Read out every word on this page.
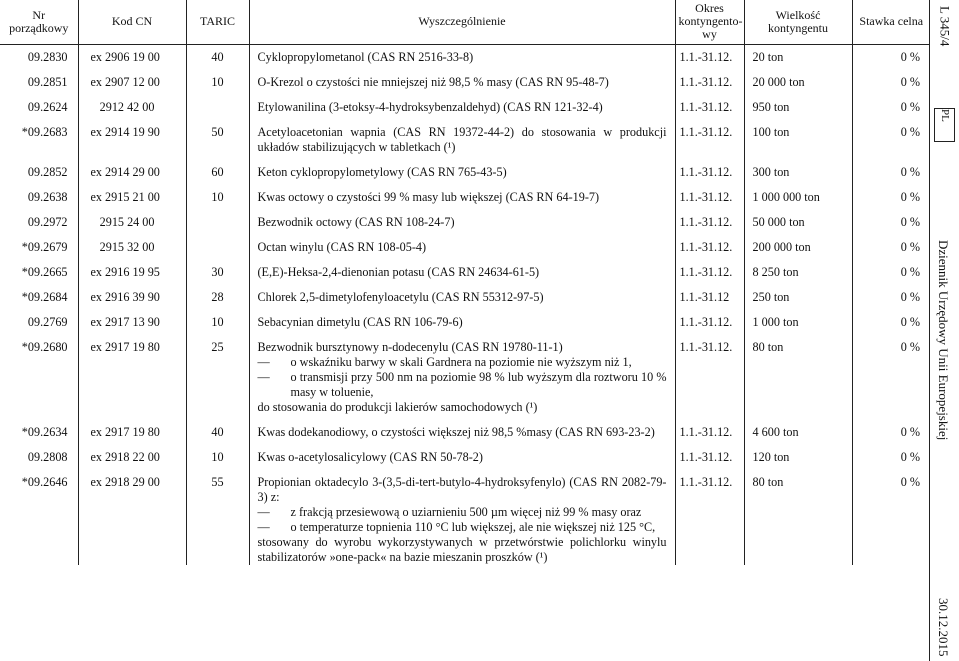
Nr porządkowy	Kod CN	TARIC	Wyszczególnienie	Okres kontyngento- wy	Wielkość kontyngentu	Stawka celna
09.2830	ex 2906 19 00	40	Cyklopropylometanol (CAS RN 2516-33-8)	1.1.-31.12.	20 ton	0 %
09.2851	ex 2907 12 00	10	O-Krezol o czystości nie mniejszej niż 98,5 % masy (CAS RN 95-48-7)	1.1.-31.12.	20 000 ton	0 %
09.2624	2912 42 00		Etylowanilina (3-etoksy-4-hydroksybenzaldehyd) (CAS RN 121-32-4)	1.1.-31.12.	950 ton	0 %
*09.2683	ex 2914 19 90	50	Acetyloacetonian wapnia (CAS RN 19372-44-2) do stosowania w produkcji układów stabilizujących w tabletkach (¹)	1.1.-31.12.	100 ton	0 %
09.2852	ex 2914 29 00	60	Keton cyklopropylometylowy (CAS RN 765-43-5)	1.1.-31.12.	300 ton	0 %
09.2638	ex 2915 21 00	10	Kwas octowy o czystości 99 % masy lub większej (CAS RN 64-19-7)	1.1.-31.12.	1 000 000 ton	0 %
09.2972	2915 24 00		Bezwodnik octowy (CAS RN 108-24-7)	1.1.-31.12.	50 000 ton	0 %
*09.2679	2915 32 00		Octan winylu (CAS RN 108-05-4)	1.1.-31.12.	200 000 ton	0 %
*09.2665	ex 2916 19 95	30	(E,E)-Heksa-2,4-dienonian potasu (CAS RN 24634-61-5)	1.1.-31.12.	8 250 ton	0 %
*09.2684	ex 2916 39 90	28	Chlorek 2,5-dimetylofenyloacetylu (CAS RN 55312-97-5)	1.1.-31.12	250 ton	0 %
09.2769	ex 2917 13 90	10	Sebacynian dimetylu (CAS RN 106-79-6)	1.1.-31.12.	1 000 ton	0 %
*09.2680	ex 2917 19 80	25	Bezwodnik bursztynowy n-dodecenylu (CAS RN 19780-11-1)
— o wskaźniku barwy w skali Gardnera na poziomie nie wyższym niż 1,
— o transmisji przy 500 nm na poziomie 98 % lub wyższym dla roztworu 10 % masy w toluenie,
do stosowania do produkcji lakierów samochodowych (¹)	1.1.-31.12.	80 ton	0 %
*09.2634	ex 2917 19 80	40	Kwas dodekanodiowy, o czystości większej niż 98,5 %masy (CAS RN 693-23-2)	1.1.-31.12.	4 600 ton	0 %
09.2808	ex 2918 22 00	10	Kwas o-acetylosalicylowy (CAS RN 50-78-2)	1.1.-31.12.	120 ton	0 %
*09.2646	ex 2918 29 00	55	Propionian oktadecylo 3-(3,5-di-tert-butylo-4-hydroksyfenylo) (CAS RN 2082-79-3) z:
— z frakcją przesiewową o uziarnieniu 500 µm więcej niż 99 % masy oraz
— o temperaturze topnienia 110 °C lub większej, ale nie większej niż 125 °C,
stosowany do wyrobu wykorzystywanych w przetwórstwie polichlorku winylu stabilizatorów »one-pack« na bazie mieszanin proszków (¹)	1.1.-31.12.	80 ton	0 %
L 345/4
PL
Dziennik Urzędowy Unii Europejskiej
30.12.2015
